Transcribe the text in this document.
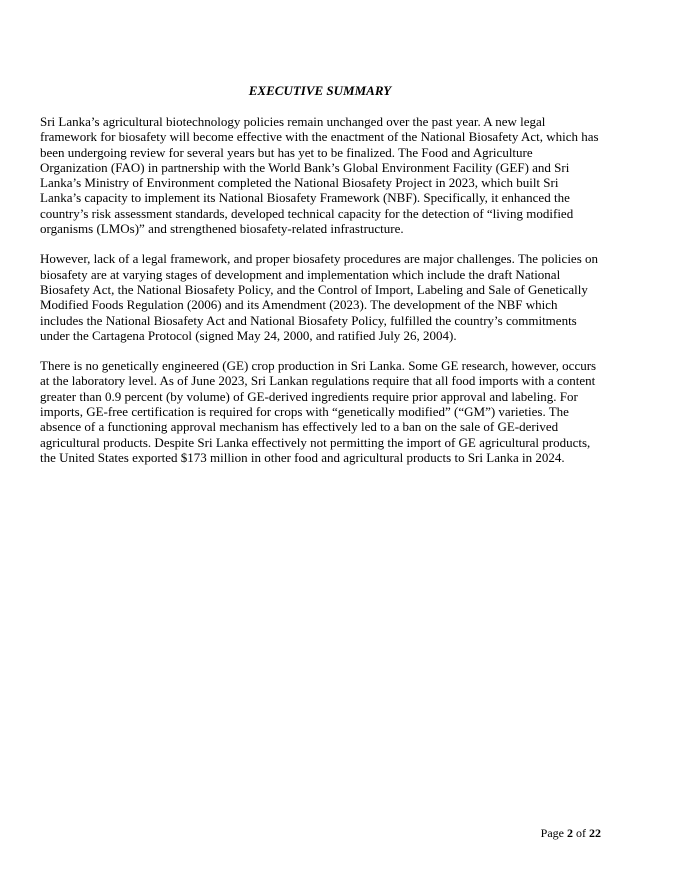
EXECUTIVE SUMMARY

Sri Lanka’s agricultural biotechnology policies remain unchanged over the past year. A new legal framework for biosafety will become effective with the enactment of the National Biosafety Act, which has been undergoing review for several years but has yet to be finalized. The Food and Agriculture Organization (FAO) in partnership with the World Bank’s Global Environment Facility (GEF) and Sri Lanka’s Ministry of Environment completed the National Biosafety Project in 2023, which built Sri Lanka’s capacity to implement its National Biosafety Framework (NBF). Specifically, it enhanced the country’s risk assessment standards, developed technical capacity for the detection of “living modified organisms (LMOs)” and strengthened biosafety-related infrastructure.

However, lack of a legal framework, and proper biosafety procedures are major challenges. The policies on biosafety are at varying stages of development and implementation which include the draft National Biosafety Act, the National Biosafety Policy, and the Control of Import, Labeling and Sale of Genetically Modified Foods Regulation (2006) and its Amendment (2023). The development of the NBF which includes the National Biosafety Act and National Biosafety Policy, fulfilled the country’s commitments under the Cartagena Protocol (signed May 24, 2000, and ratified July 26, 2004).

There is no genetically engineered (GE) crop production in Sri Lanka. Some GE research, however, occurs at the laboratory level. As of June 2023, Sri Lankan regulations require that all food imports with a content greater than 0.9 percent (by volume) of GE-derived ingredients require prior approval and labeling. For imports, GE-free certification is required for crops with “genetically modified” (“GM”) varieties. The absence of a functioning approval mechanism has effectively led to a ban on the sale of GE-derived agricultural products. Despite Sri Lanka effectively not permitting the import of GE agricultural products, the United States exported $173 million in other food and agricultural products to Sri Lanka in 2024.

Page 2 of 22
